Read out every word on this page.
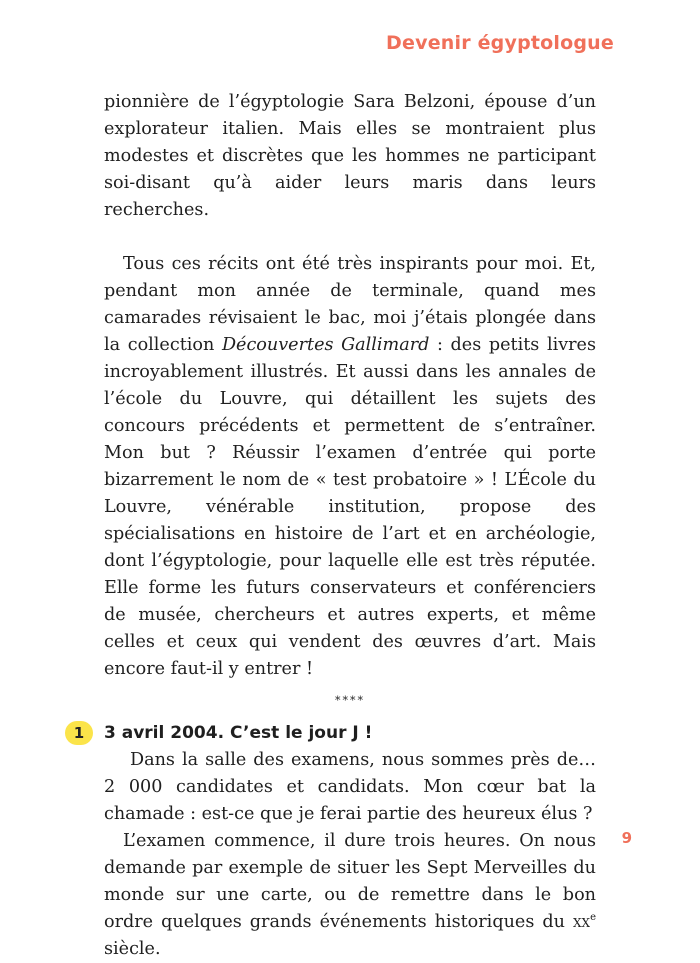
Devenir égyptologue

pionnière de l’égyptologie Sara Belzoni, épouse d’un explorateur italien. Mais elles se montraient plus modestes et discrètes que les hommes ne participant soi-disant qu’à aider leurs maris dans leurs recherches.

Tous ces récits ont été très inspirants pour moi. Et, pendant mon année de terminale, quand mes camarades révisaient le bac, moi j’étais plongée dans la collection Découvertes Gallimard : des petits livres incroyablement illustrés. Et aussi dans les annales de l’école du Louvre, qui détaillent les sujets des concours précédents et permettent de s’entraîner. Mon but ? Réussir l’examen d’entrée qui porte bizarrement le nom de « test probatoire » ! L’École du Louvre, vénérable institution, propose des spécialisations en histoire de l’art et en archéologie, dont l’égyptologie, pour laquelle elle est très réputée. Elle forme les futurs conservateurs et conférenciers de musée, chercheurs et autres experts, et même celles et ceux qui vendent des œuvres d’art. Mais encore faut-il y entrer !

****
1	3 avril 2004. C’est le jour J !

Dans la salle des examens, nous sommes près de… 2 000 candidates et candidats. Mon cœur bat la chamade : est-ce que je ferai partie des heureux élus ?

L’examen commence, il dure trois heures. On nous demande par exemple de situer les Sept Merveilles du monde sur une carte, ou de remettre dans le bon ordre quelques grands événements historiques du $xx^e$ siècle.

9
